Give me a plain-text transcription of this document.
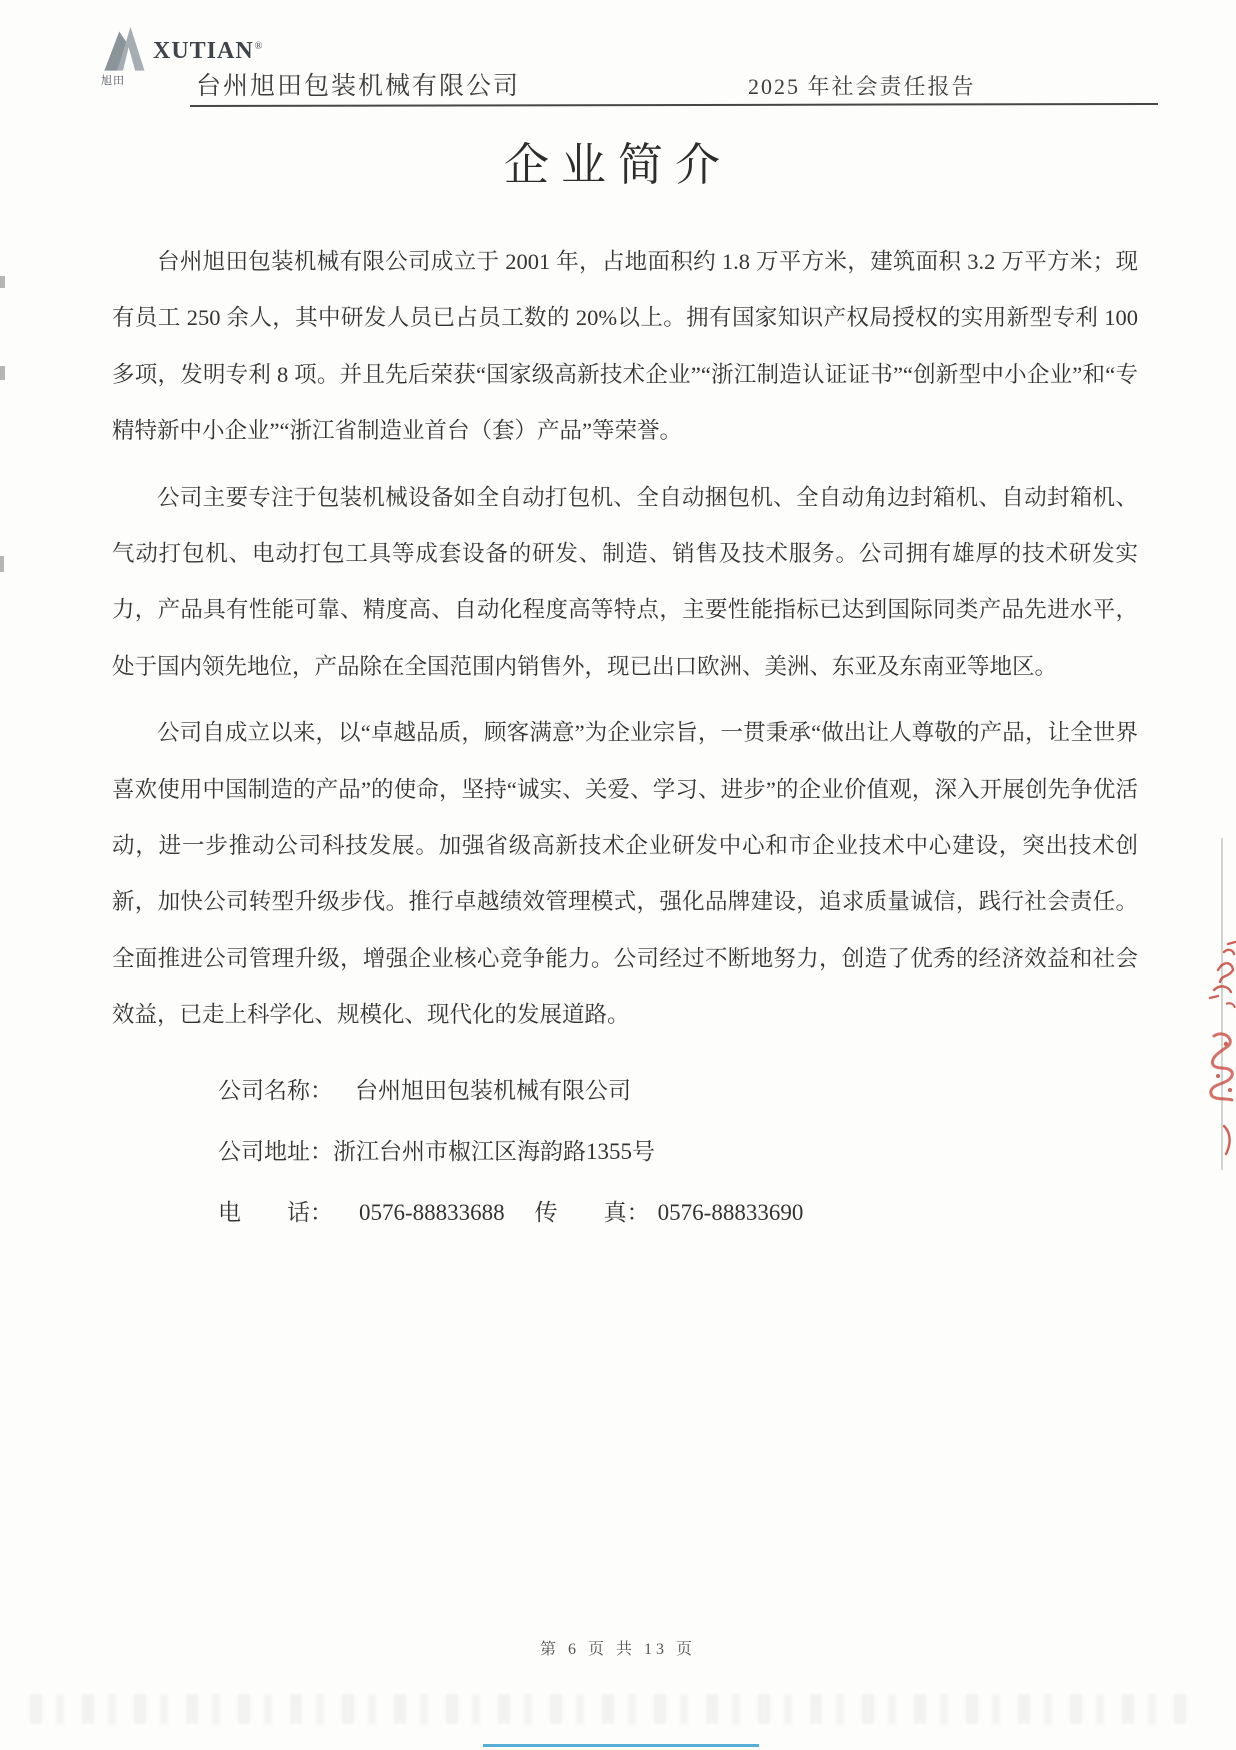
XUTIAN®
旭田	台州旭田包装机械有限公司	2025 年社会责任报告
企业简介

台州旭田包装机械有限公司成立于 2001 年，占地面积约 1.8 万平方米，建筑面积 3.2 万平方米；现有员工 250 余人，其中研发人员已占员工数的 20%以上。拥有国家知识产权局授权的实用新型专利 100 多项，发明专利 8 项。并且先后荣获“国家级高新技术企业”“浙江制造认证证书”“创新型中小企业”和“专精特新中小企业”“浙江省制造业首台（套）产品”等荣誉。

公司主要专注于包装机械设备如全自动打包机、全自动捆包机、全自动角边封箱机、自动封箱机、气动打包机、电动打包工具等成套设备的研发、制造、销售及技术服务。公司拥有雄厚的技术研发实力，产品具有性能可靠、精度高、自动化程度高等特点，主要性能指标已达到国际同类产品先进水平，处于国内领先地位，产品除在全国范围内销售外，现已出口欧洲、美洲、东亚及东南亚等地区。

公司自成立以来，以“卓越品质，顾客满意”为企业宗旨，一贯秉承“做出让人尊敬的产品，让全世界喜欢使用中国制造的产品”的使命，坚持“诚实、关爱、学习、进步”的企业价值观，深入开展创先争优活动，进一步推动公司科技发展。加强省级高新技术企业研发中心和市企业技术中心建设，突出技术创新，加快公司转型升级步伐。推行卓越绩效管理模式，强化品牌建设，追求质量诚信，践行社会责任。全面推进公司管理升级，增强企业核心竞争能力。公司经过不断地努力，创造了优秀的经济效益和社会效益，已走上科学化、规模化、现代化的发展道路。

公司名称： 台州旭田包装机械有限公司
公司地址：浙江台州市椒江区海韵路1355号
电　　话： 0576-88833688 传　　真： 0576-88833690
第 6 页 共 13 页
